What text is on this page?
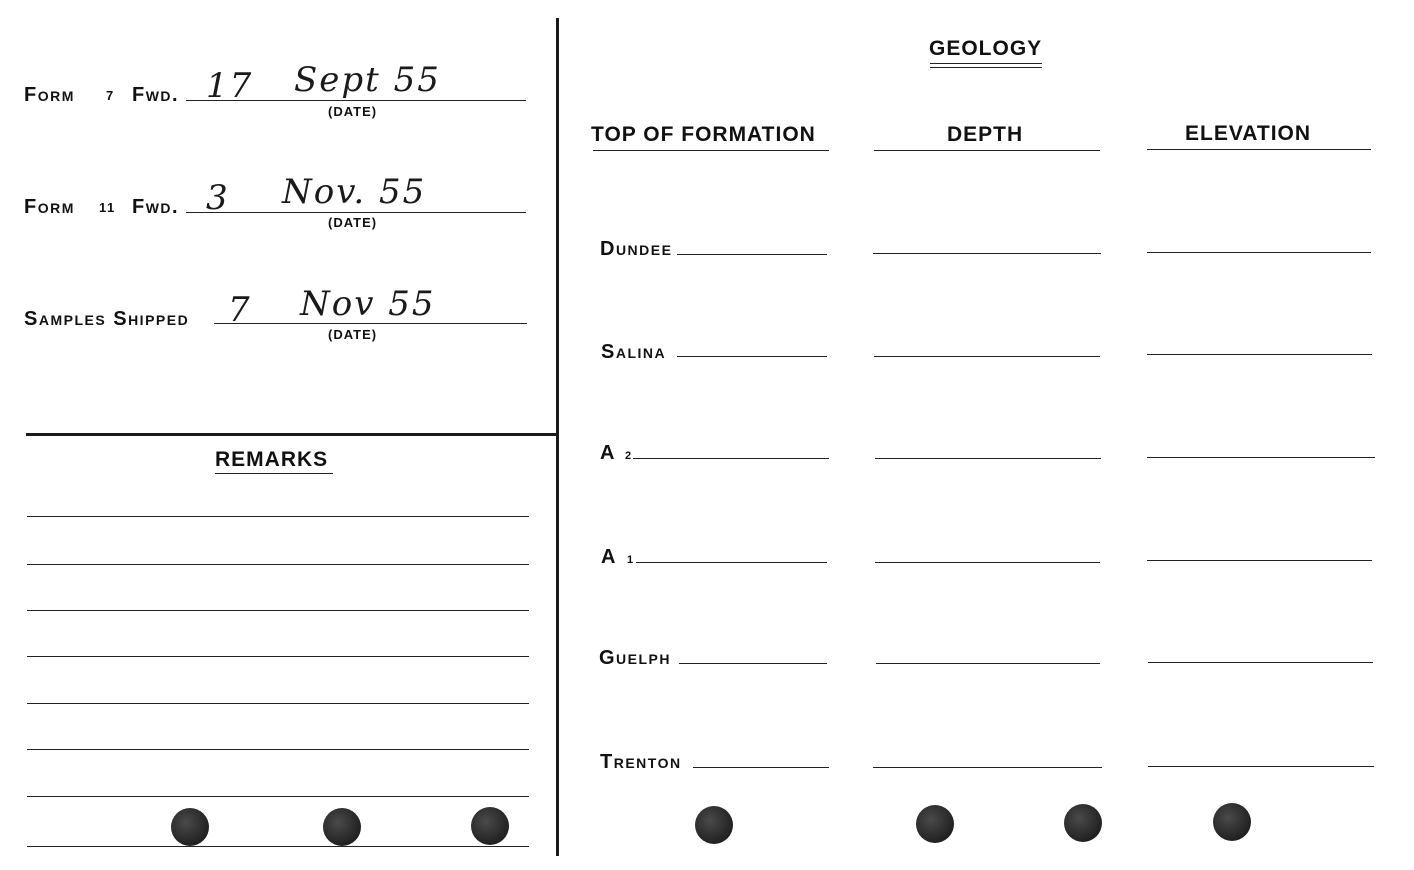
Form 7 Fwd. 17 Sept 55
(DATE)
Form 11 Fwd. 3 Nov. 55
(DATE)
Samples Shipped 7 Nov 55
(DATE)
REMARKS
GEOLOGY
TOP OF FORMATION	DEPTH	ELEVATION
Dundee
Salina
A 2
A 1
Guelph
Trenton
